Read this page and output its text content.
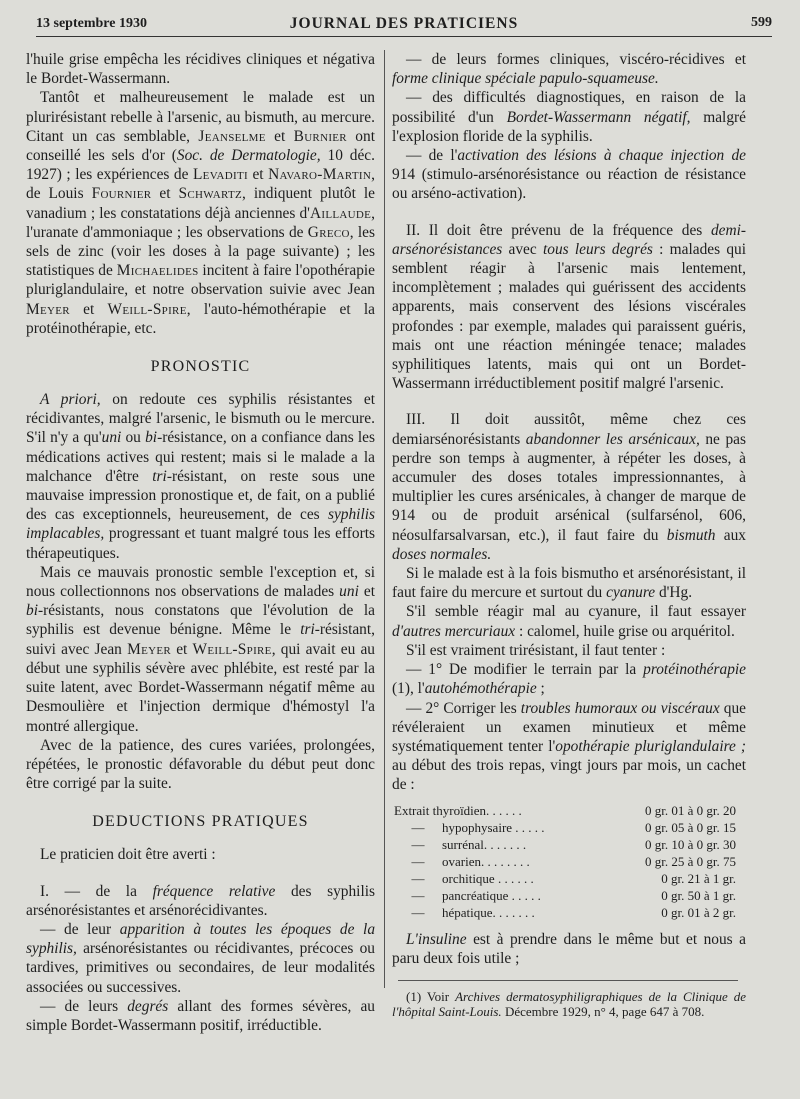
13 septembre 1930	JOURNAL DES PRATICIENS	599

l'huile grise empêcha les récidives cliniques et négativa le Bordet-Wassermann.

Tantôt et malheureusement le malade est un plurirésistant rebelle à l'arsenic, au bismuth, au mercure. Citant un cas semblable, Jeanselme et Burnier ont conseillé les sels d'or (Soc. de Dermatologie, 10 déc. 1927) ; les expériences de Levaditi et Navaro-Martin, de Louis Fournier et Schwartz, indiquent plutôt le vanadium ; les constatations déjà anciennes d'Aillaude, l'uranate d'ammoniaque ; les observations de Greco, les sels de zinc (voir les doses à la page suivante) ; les statistiques de Michaelides incitent à faire l'opothérapie pluriglandulaire, et notre observation suivie avec Jean Meyer et Weill-Spire, l'auto-hémothérapie et la protéinothérapie, etc.

PRONOSTIC

A priori, on redoute ces syphilis résistantes et récidivantes, malgré l'arsenic, le bismuth ou le mercure. S'il n'y a qu'uni ou bi-résistance, on a confiance dans les médications actives qui restent; mais si le malade a la malchance d'être tri-résistant, on reste sous une mauvaise impression pronostique et, de fait, on a publié des cas exceptionnels, heureusement, de ces syphilis implacables, progressant et tuant malgré tous les efforts thérapeutiques.

Mais ce mauvais pronostic semble l'exception et, si nous collectionnons nos observations de malades uni et bi-résistants, nous constatons que l'évolution de la syphilis est devenue bénigne. Même le tri-résistant, suivi avec Jean Meyer et Weill-Spire, qui avait eu au début une syphilis sévère avec phlébite, est resté par la suite latent, avec Bordet-Wassermann négatif même au Desmoulière et l'injection dermique d'hémostyl l'a montré allergique.

Avec de la patience, des cures variées, prolongées, répétées, le pronostic défavorable du début peut donc être corrigé par la suite.

DEDUCTIONS PRATIQUES

Le praticien doit être averti :

I. — de la fréquence relative des syphilis arsénorésistantes et arsénorécidivantes.

— de leur apparition à toutes les époques de la syphilis, arsénorésistantes ou récidivantes, précoces ou tardives, primitives ou secondaires, de leur modalités associées ou successives.

— de leurs degrés allant des formes sévères, au simple Bordet-Wassermann positif, irréductible.

— de leurs formes cliniques, viscéro-récidives et forme clinique spéciale papulo-squameuse.

— des difficultés diagnostiques, en raison de la possibilité d'un Bordet-Wassermann négatif, malgré l'explosion floride de la syphilis.

— de l'activation des lésions à chaque injection de 914 (stimulo-arsénorésistance ou réaction de résistance ou arséno-activation).

II. Il doit être prévenu de la fréquence des demi-arsénorésistances avec tous leurs degrés : malades qui semblent réagir à l'arsenic mais lentement, incomplètement ; malades qui guérissent des accidents apparents, mais conservent des lésions viscérales profondes : par exemple, malades qui paraissent guéris, mais ont une réaction méningée tenace; malades syphilitiques latents, mais qui ont un Bordet-Wassermann irréductiblement positif malgré l'arsenic.

III. Il doit aussitôt, même chez ces demiarsénorésistants abandonner les arsénicaux, ne pas perdre son temps à augmenter, à répéter les doses, à accumuler des doses totales impressionnantes, à multiplier les cures arsénicales, à changer de marque de 914 ou de produit arsénical (sulfarsénol, 606, néosulfarsalvarsan, etc.), il faut faire du bismuth aux doses normales.

Si le malade est à la fois bismutho et arsénorésistant, il faut faire du mercure et surtout du cyanure d'Hg.

S'il semble réagir mal au cyanure, il faut essayer d'autres mercuriaux : calomel, huile grise ou arquéritol.

S'il est vraiment trirésistant, il faut tenter :

— 1° De modifier le terrain par la protéinothérapie (1), l'autohémothérapie ;

— 2° Corriger les troubles humoraux ou viscéraux que révéleraient un examen minutieux et même systématiquement tenter l'opothérapie pluriglandulaire ; au début des trois repas, vingt jours par mois, un cachet de :

Extrait thyroïdien. . . . . .	0 gr. 01 à 0 gr. 20
— hypophysaire . . . . .	0 gr. 05 à 0 gr. 15
— surrénal. . . . . . .	0 gr. 10 à 0 gr. 30
— ovarien. . . . . . . .	0 gr. 25 à 0 gr. 75
— orchitique . . . . . .	0 gr. 21 à 1 gr.
— pancréatique . . . . .	0 gr. 50 à 1 gr.
— hépatique. . . . . . .	0 gr. 01 à 2 gr.

L'insuline est à prendre dans le même but et nous a paru deux fois utile ;

(1) Voir Archives dermatosyphiligraphiques de la Clinique de l'hôpital Saint-Louis. Décembre 1929, n° 4, page 647 à 708.
